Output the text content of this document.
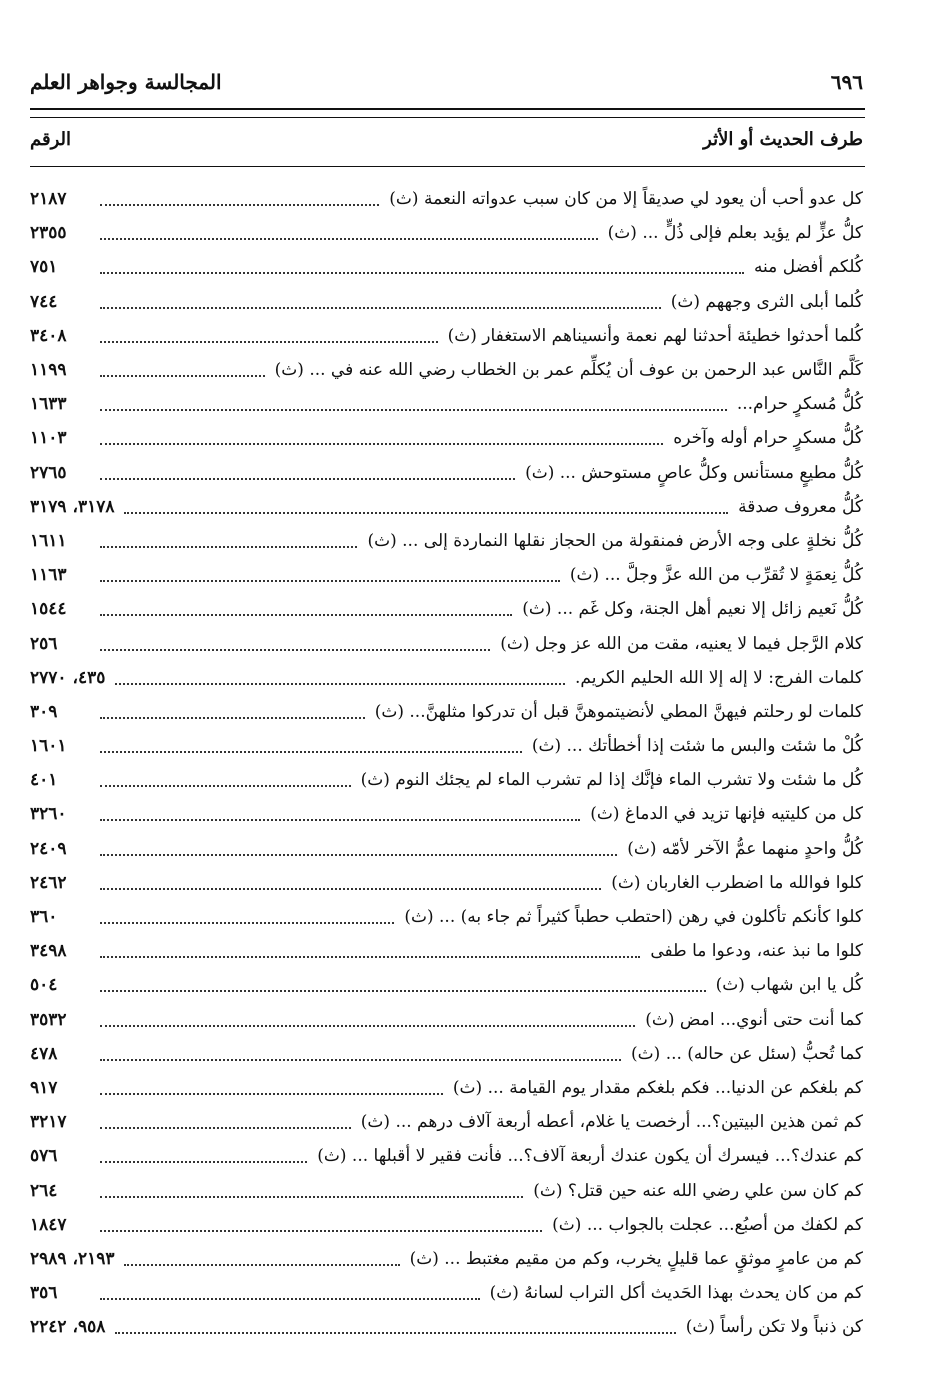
المجالسة وجواهر العلم	٦٩٦
الرقم	طرف الحديث أو الأثر
كل عدو أحب أن يعود لي صديقاً إلا من كان سبب عدواته النعمة (ث)
٢١٨٧
كلُّ عزٍّ لم يؤيد بعلم فإلى ذُلٍّ ... (ث)
٢٣٥٥
كُلكم أفضل منه
٧٥١
كُلما أبلى الثرى وجههم (ث)
٧٤٤
كُلما أحدثوا خطيئة أحدثنا لهم نعمة وأنسيناهم الاستغفار (ث)
٣٤٠٨
كَلَّم النَّاس عبد الرحمن بن عوف أن يُكلِّم عمر بن الخطاب رضي الله عنه في ... (ث)
١١٩٩
كُلُّ مُسكرٍ حرام...
١٦٣٣
كُلُّ مسكرٍ حرام أوله وآخره
١١٠٣
كُلُّ مطيعٍ مستأنس وكلُّ عاصٍ مستوحش ... (ث)
٢٧٦٥
كُلُّ معروف صدقة
٣١٧٨، ٣١٧٩
كُلُّ نخلةٍ على وجه الأرض فمنقولة من الحجاز نقلها النماردة إلى ... (ث)
١٦١١
كُلُّ نِعمَةٍ لا تُقرِّب من الله عزَّ وجلَّ ... (ث)
١١٦٣
كُلُّ نَعيم زائل إلا نعيم أهل الجنة، وكل غَم ... (ث)
١٥٤٤
كلام الرَّجل فيما لا يعنيه، مقت من الله عز وجل (ث)
٢٥٦
كلمات الفرج: لا إله إلا الله الحليم الكريم.
٤٣٥، ٢٧٧٠
كلمات لو رحلتم فيهنَّ المطي لأنضيتموهنَّ قبل أن تدركوا مثلهنَّ... (ث)
٣٠٩
كُلْ ما شئت والبس ما شئت إذا أخطأتك ... (ث)
١٦٠١
كُل ما شئت ولا تشرب الماء فإنَّك إذا لم تشرب الماء لم يجئك النوم (ث)
٤٠١
كل من كليتيه فإنها تزيد في الدماغ (ث)
٣٢٦٠
كُلُّ واحدٍ منهما عمُّ الآخر لأمّه (ث)
٢٤٠٩
كلوا فوالله ما اضطرب الغاربان (ث)
٢٤٦٢
كلوا كأنكم تأكلون في رهن (احتطب حطباً كثيراً ثم جاء به) ... (ث)
٣٦٠
كلوا ما نبذ عنه، ودعوا ما طفى
٣٤٩٨
كُل يا ابن شهاب (ث)
٥٠٤
كما أنت حتى أنوي... امض (ث)
٣٥٣٢
كما تُحبُّ (سئل عن حاله) ... (ث)
٤٧٨
كم بلغكم عن الدنيا... فكم بلغكم مقدار يوم القيامة ... (ث)
٩١٧
كم ثمن هذين البيتين؟... أرخصت يا غلام، أعطه أربعة آلاف درهم ... (ث)
٣٢١٧
كم عندك؟... فيسرك أن يكون عندك أربعة آلاف؟... فأنت فقير لا أقبلها ... (ث)
٥٧٦
كم كان سن علي رضي الله عنه حين قتل؟ (ث)
٢٦٤
كم لكفك من أصبُع... عجلت بالجواب ... (ث)
١٨٤٧
كم من عامرٍ موثقٍ عما قليلٍ يخرب، وكم من مقيم مغتبط ... (ث)
٢١٩٣، ٢٩٨٩
كم من كان يحدث بهذا الحَديث أكل التراب لسانهُ (ث)
٣٥٦
كن ذنباً ولا تكن رأساً (ث)
٩٥٨، ٢٢٤٢
